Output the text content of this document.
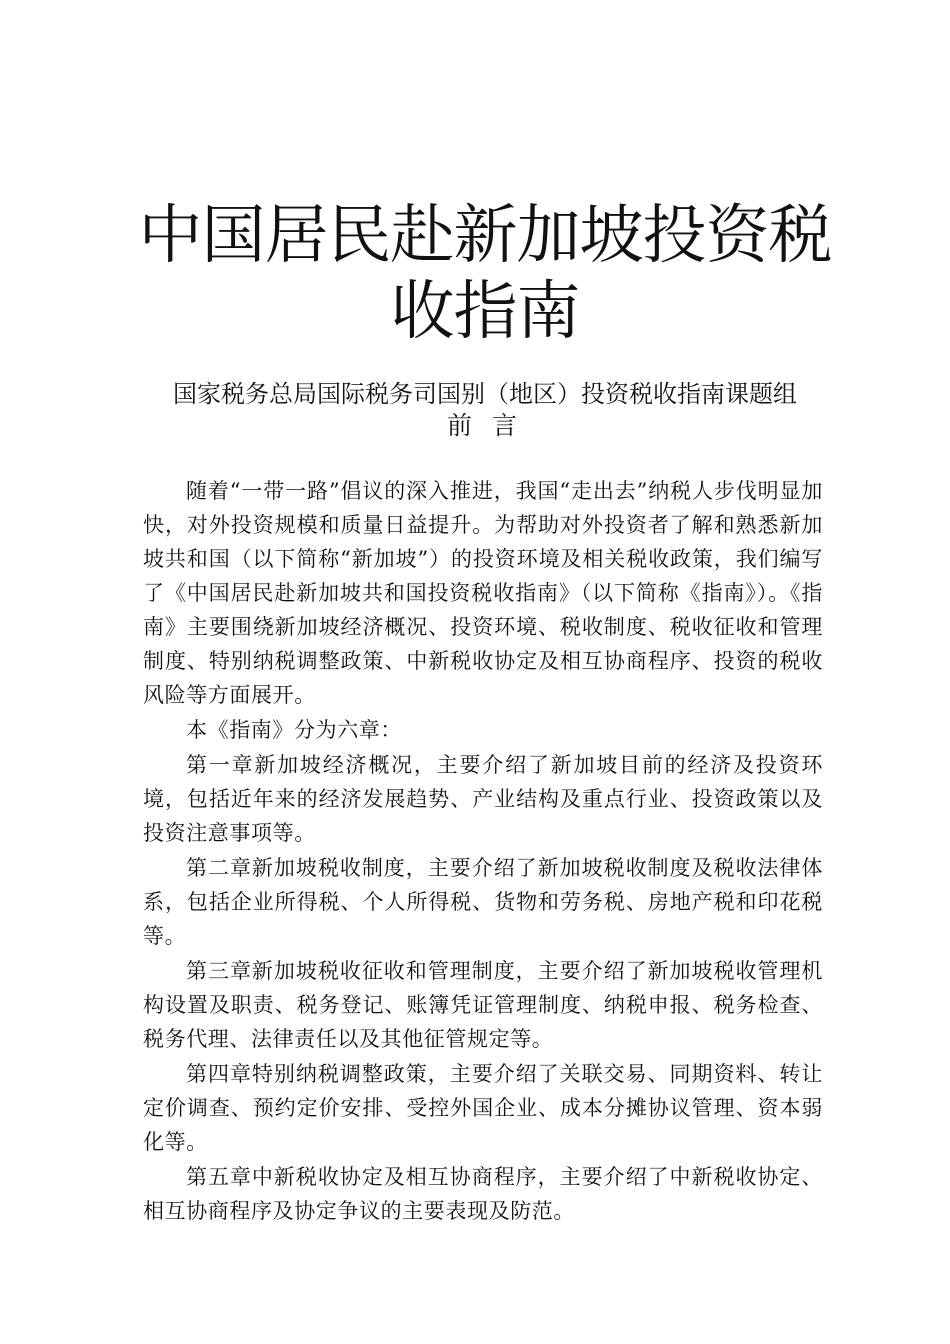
中国居民赴新加坡投资税
收指南

国家税务总局国际税务司国别（地区）投资税收指南课题组

前 言

随着“一带一路”倡议的深入推进，我国“走出去”纳税人步伐明显加快，对外投资规模和质量日益提升。为帮助对外投资者了解和熟悉新加坡共和国（以下简称“新加坡”）的投资环境及相关税收政策，我们编写了《中国居民赴新加坡共和国投资税收指南》（以下简称《指南》）。《指南》主要围绕新加坡经济概况、投资环境、税收制度、税收征收和管理制度、特别纳税调整政策、中新税收协定及相互协商程序、投资的税收风险等方面展开。

本《指南》分为六章：

第一章新加坡经济概况，主要介绍了新加坡目前的经济及投资环境，包括近年来的经济发展趋势、产业结构及重点行业、投资政策以及投资注意事项等。

第二章新加坡税收制度，主要介绍了新加坡税收制度及税收法律体系，包括企业所得税、个人所得税、货物和劳务税、房地产税和印花税等。

第三章新加坡税收征收和管理制度，主要介绍了新加坡税收管理机构设置及职责、税务登记、账簿凭证管理制度、纳税申报、税务检查、税务代理、法律责任以及其他征管规定等。

第四章特别纳税调整政策，主要介绍了关联交易、同期资料、转让定价调查、预约定价安排、受控外国企业、成本分摊协议管理、资本弱化等。

第五章中新税收协定及相互协商程序，主要介绍了中新税收协定、相互协商程序及协定争议的主要表现及防范。
